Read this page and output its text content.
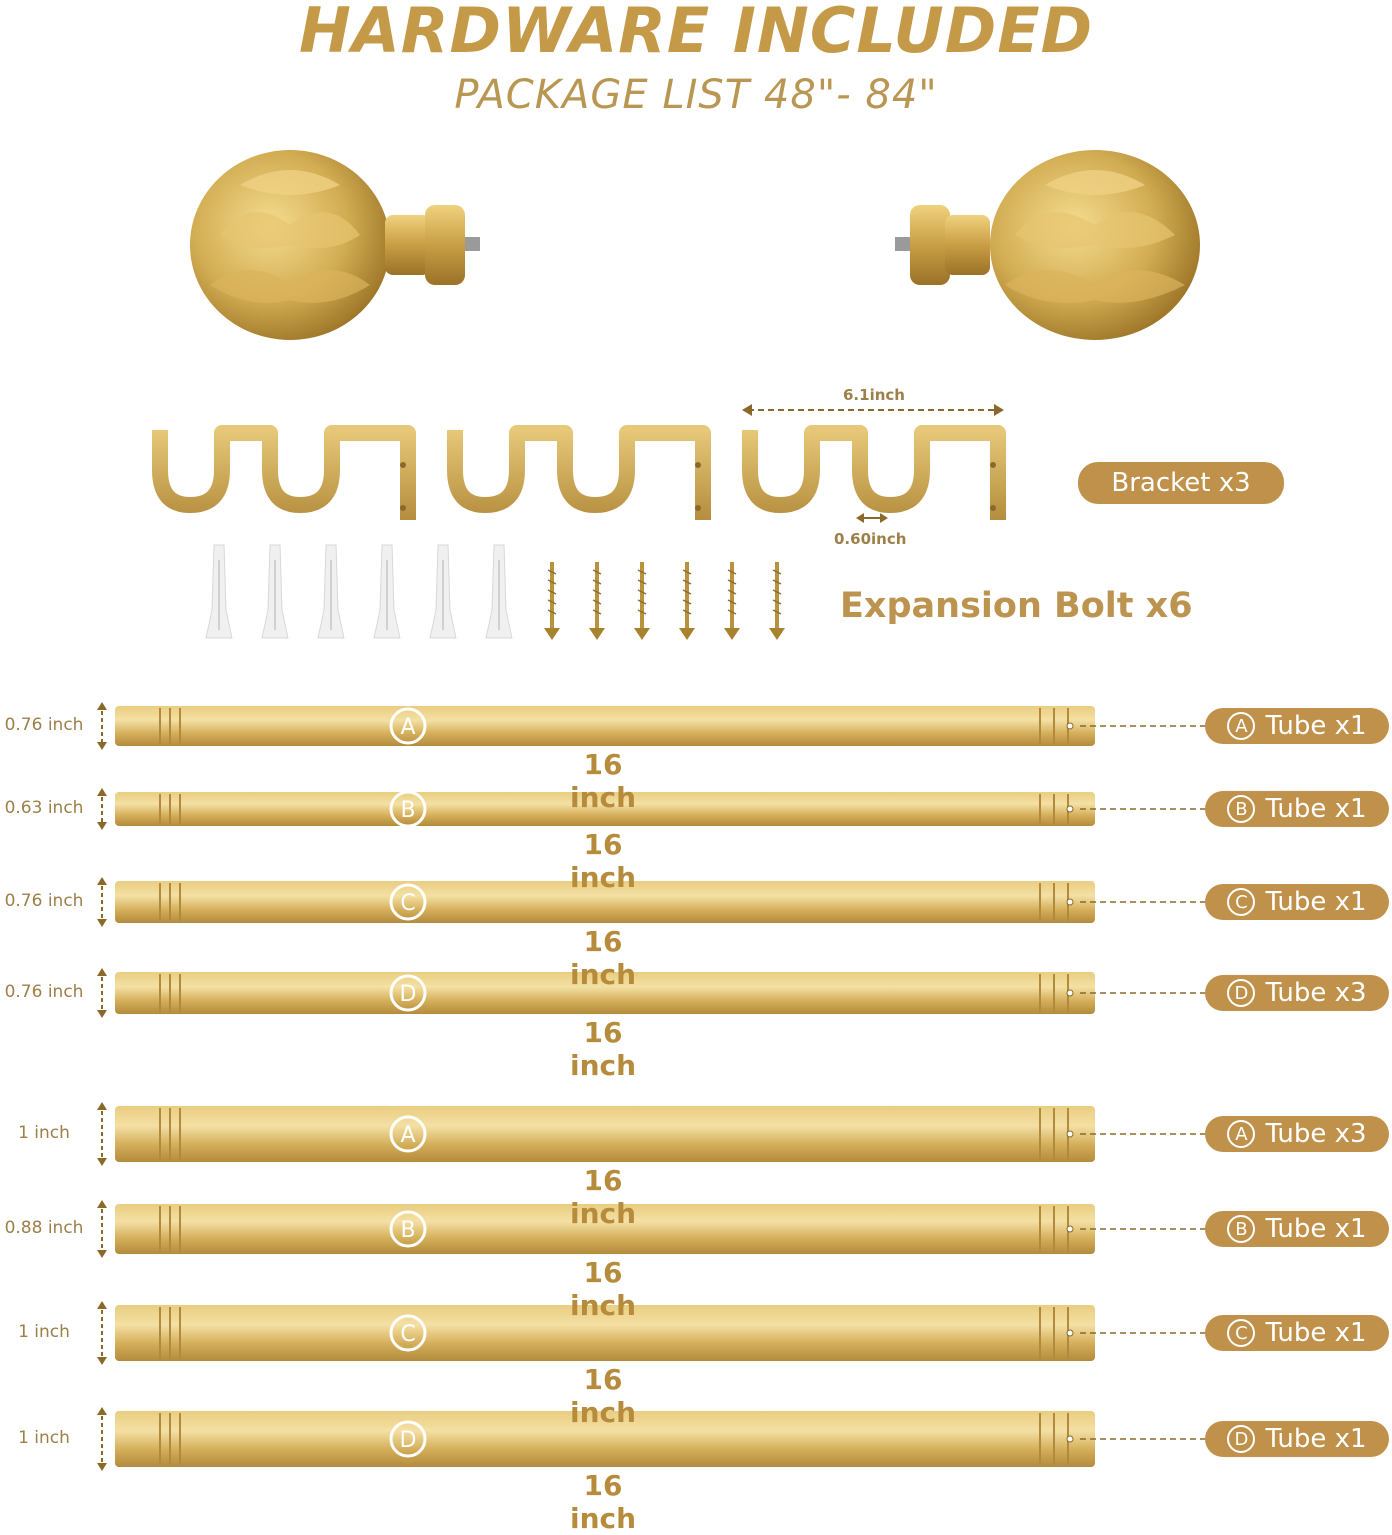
HARDWARE INCLUDED
PACKAGE LIST 48"- 84"
6.1inch
0.60inch
Bracket x3
Expansion Bolt x6
A
B
C
D
A
B
C
D
0.76 inch
16 inch
A Tube x1
0.63 inch
16 inch
B Tube x1
0.76 inch
16 inch
C Tube x1
0.76 inch
16 inch
D Tube x3
1 inch
16 inch
A Tube x3
0.88 inch
16 inch
B Tube x1
1 inch
16 inch
C Tube x1
1 inch
16 inch
D Tube x1
